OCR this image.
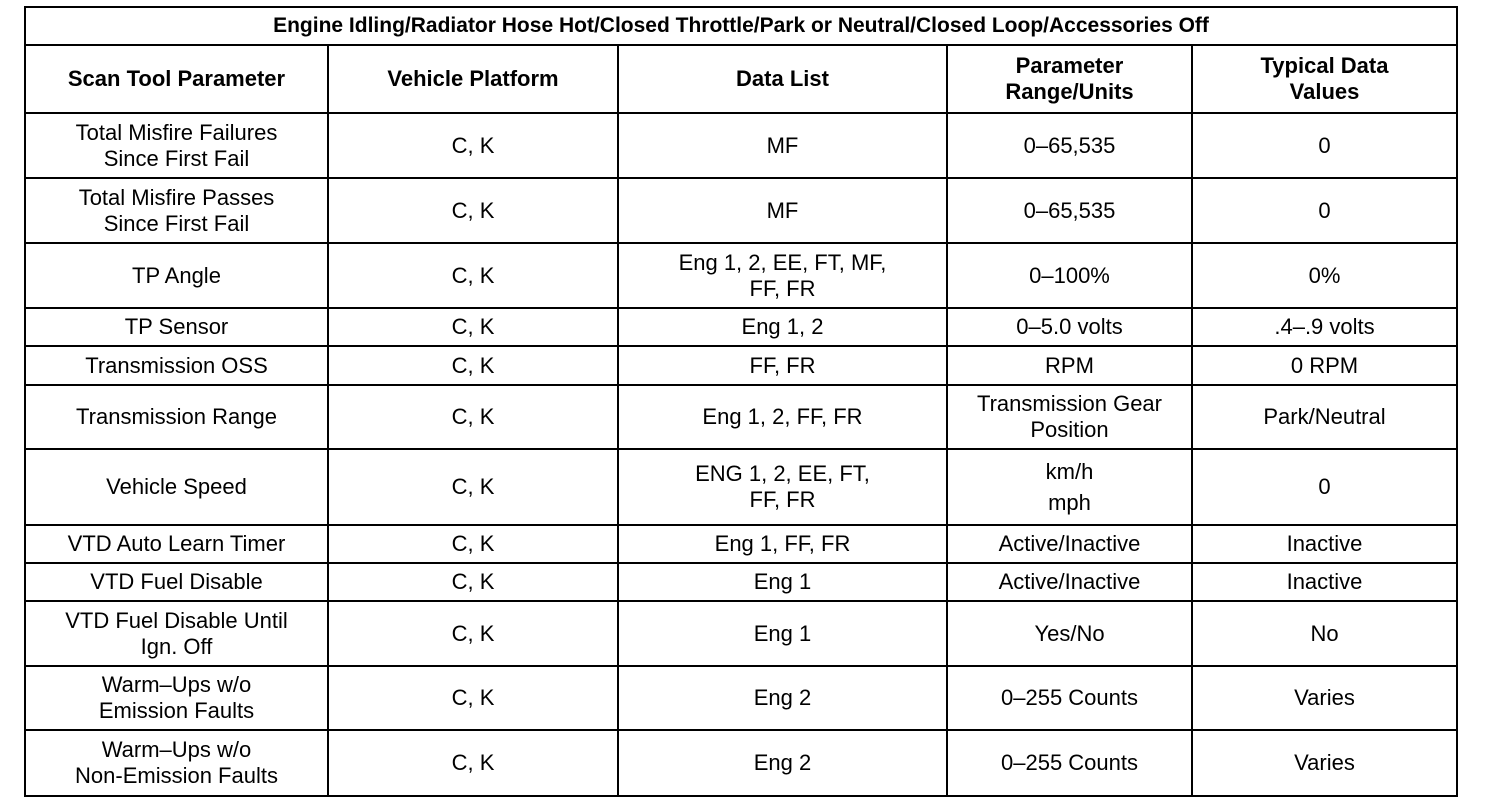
Engine Idling/Radiator Hose Hot/Closed Throttle/Park or Neutral/Closed Loop/Accessories Off				

Scan Tool Parameter	Vehicle Platform	Data List	Parameter
Range/Units	Typical Data
Values

Total Misfire Failures
Since First Fail	C, K	MF	0–65,535	0

Total Misfire Passes
Since First Fail	C, K	MF	0–65,535	0

TP Angle	C, K	Eng 1, 2, EE, FT, MF,
FF, FR	0–100%	0%

TP Sensor	C, K	Eng 1, 2	0–5.0 volts	.4–.9 volts

Transmission OSS	C, K	FF, FR	RPM	0 RPM

Transmission Range	C, K	Eng 1, 2, FF, FR	Transmission Gear
Position	Park/Neutral

Vehicle Speed	C, K	ENG 1, 2, EE, FT,
FF, FR	km/h
mph	0

VTD Auto Learn Timer	C, K	Eng 1, FF, FR	Active/Inactive	Inactive

VTD Fuel Disable	C, K	Eng 1	Active/Inactive	Inactive

VTD Fuel Disable Until
Ign. Off	C, K	Eng 1	Yes/No	No

Warm–Ups w/o
Emission Faults	C, K	Eng 2	0–255 Counts	Varies

Warm–Ups w/o
Non-Emission Faults	C, K	Eng 2	0–255 Counts	Varies
